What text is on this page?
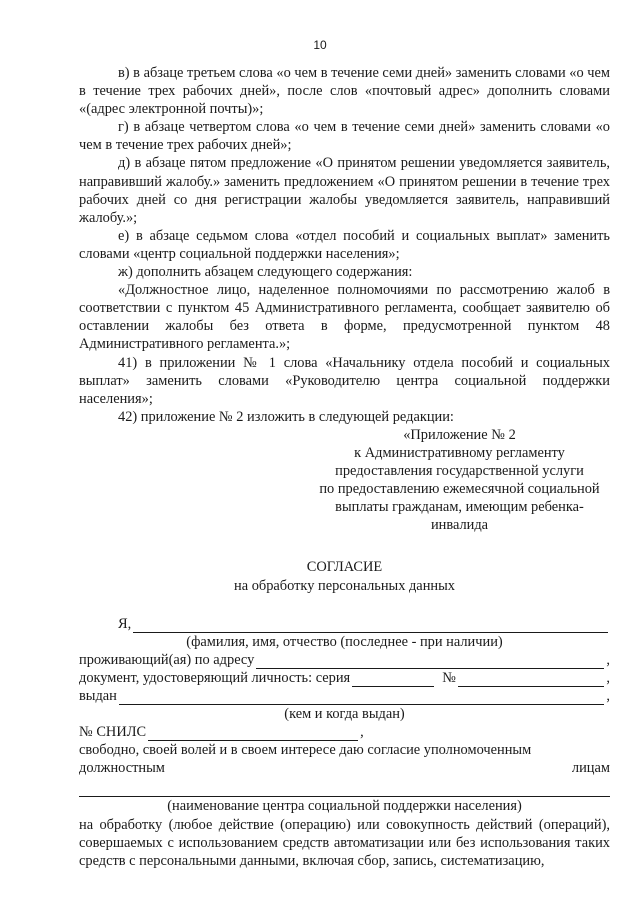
10

в) в абзаце третьем слова «о чем в течение семи дней» заменить словами «о чем в течение трех рабочих дней», после слов «почтовый адрес» дополнить словами «(адрес электронной почты)»;

г) в абзаце четвертом слова «о чем в течение семи дней» заменить словами «о чем в течение трех рабочих дней»;

д) в абзаце пятом предложение «О принятом решении уведомляется заявитель, направивший жалобу.» заменить предложением «О принятом решении в течение трех рабочих дней со дня регистрации жалобы уведомляется заявитель, направивший жалобу.»;

е) в абзаце седьмом слова «отдел пособий и социальных выплат» заменить словами «центр социальной поддержки населения»;

ж) дополнить абзацем следующего содержания:

«Должностное лицо, наделенное полномочиями по рассмотрению жалоб в соответствии с пунктом 45 Административного регламента, сообщает заявителю об оставлении жалобы без ответа в форме, предусмотренной пунктом 48 Административного регламента.»;

41) в приложении № 1 слова «Начальнику отдела пособий и социальных выплат» заменить словами «Руководителю центра социальной поддержки населения»;

42) приложение № 2 изложить в следующей редакции:

«Приложение № 2
к Административному регламенту
предоставления государственной услуги
по предоставлению ежемесячной социальной
выплаты гражданам, имеющим ребенка-
инвалида
СОГЛАСИЕ
на обработку персональных данных
Я,
(фамилия, имя, отчество (последнее - при наличии)
проживающий(ая) по адресу	,
документ, удостоверяющий личность: серия	№	,
выдан	,
(кем и когда выдан)
№ СНИЛС	,

свободно, своей волей и в своем интересе даю согласие уполномоченным

должностным	лицам
(наименование центра социальной поддержки населения)

на обработку (любое действие (операцию) или совокупность действий (операций), совершаемых с использованием средств автоматизации или без использования таких средств с персональными данными, включая сбор, запись, систематизацию,
